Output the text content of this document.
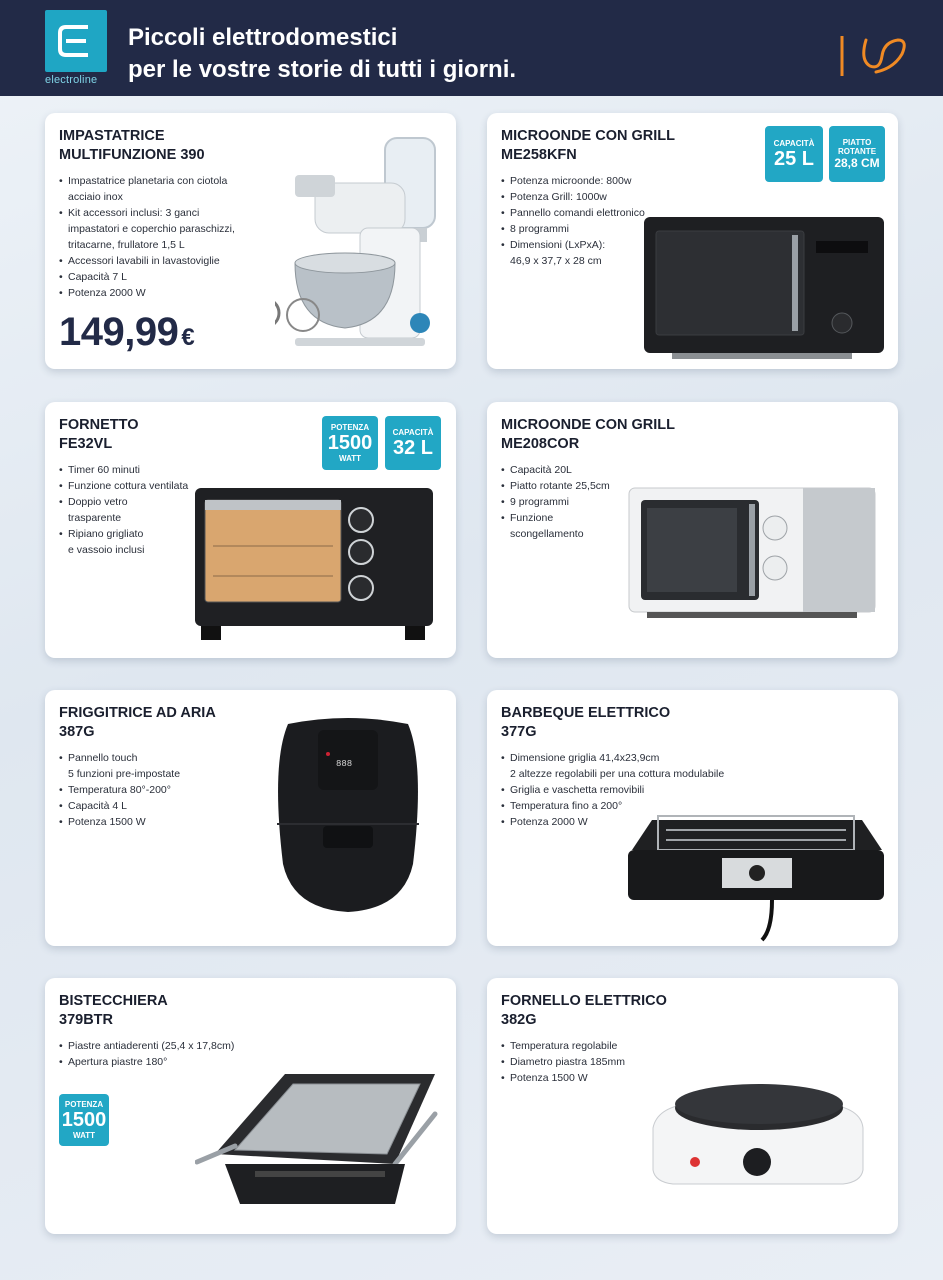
electroline
Piccoli elettrodomestici
per le vostre storie di tutti i giorni.
IMPASTATRICE
MULTIFUNZIONE 390
• Impastatrice planetaria con ciotola
acciaio inox
• Kit accessori inclusi: 3 ganci
impastatori e coperchio paraschizzi,
tritacarne, frullatore 1,5 L
• Accessori lavabili in lavastoviglie
• Capacità 7 L
• Potenza 2000 W
149,99 €
MICROONDE CON GRILL
ME258KFN
• Potenza microonde: 800w
• Potenza Grill: 1000w
• Pannello comandi elettronico
• 8 programmi
• Dimensioni (LxPxA):
46,9 x 37,7 x 28 cm
CAPACITÀ
25 L
PIATTO ROTANTE
28,8 CM
FORNETTO
FE32VL
• Timer 60 minuti
• Funzione cottura ventilata
• Doppio vetro
trasparente
• Ripiano grigliato
e vassoio inclusi
POTENZA
1500
WATT
CAPACITÀ
32 L
MICROONDE CON GRILL
ME208COR
• Capacità 20L
• Piatto rotante 25,5cm
• 9 programmi
• Funzione
scongellamento
FRIGGITRICE AD ARIA
387G
• Pannello touch
5 funzioni pre-impostate
• Temperatura 80°-200°
• Capacità 4 L
• Potenza 1500 W
888
BARBEQUE ELETTRICO
377G
• Dimensione griglia 41,4x23,9cm
2 altezze regolabili per una cottura modulabile
• Griglia e vaschetta removibili
• Temperatura fino a 200°
• Potenza 2000 W
BISTECCHIERA
379BTR
• Piastre antiaderenti (25,4 x 17,8cm)
• Apertura piastre 180°
POTENZA
1500
WATT
FORNELLO ELETTRICO
382G
• Temperatura regolabile
• Diametro piastra 185mm
• Potenza 1500 W
